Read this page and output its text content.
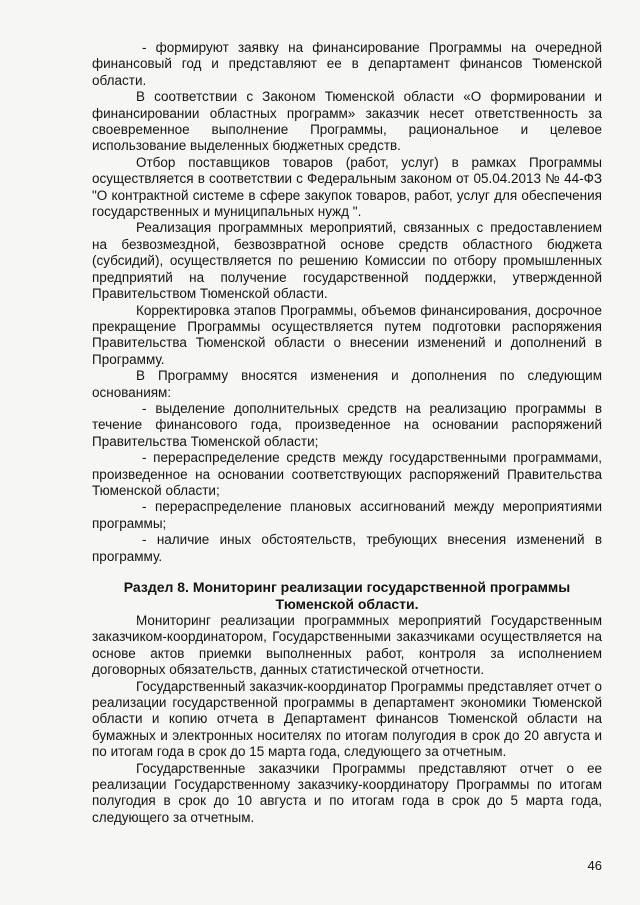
- формируют заявку на финансирование Программы на очередной финансовый год и представляют ее в департамент финансов Тюменской области.

В соответствии с Законом Тюменской области «О формировании и финансировании областных программ» заказчик несет ответственность за своевременное выполнение Программы, рациональное и целевое использование выделенных бюджетных средств.

Отбор поставщиков товаров (работ, услуг) в рамках Программы осуществляется в соответствии с Федеральным законом от 05.04.2013 № 44-ФЗ "О контрактной системе в сфере закупок товаров, работ, услуг для обеспечения государственных и муниципальных нужд ".

Реализация программных мероприятий, связанных с предоставлением на безвозмездной, безвозвратной основе средств областного бюджета (субсидий), осуществляется по решению Комиссии по отбору промышленных предприятий на получение государственной поддержки, утвержденной Правительством Тюменской области.

Корректировка этапов Программы, объемов финансирования, досрочное прекращение Программы осуществляется путем подготовки распоряжения Правительства Тюменской области о внесении изменений и дополнений в Программу.

В Программу вносятся изменения и дополнения по следующим основаниям:

- выделение дополнительных средств на реализацию программы в течение финансового года, произведенное на основании распоряжений Правительства Тюменской области;

- перераспределение средств между государственными программами, произведенное на основании соответствующих распоряжений Правительства Тюменской области;

- перераспределение плановых ассигнований между мероприятиями программы;

- наличие иных обстоятельств, требующих внесения изменений в программу.

Раздел 8. Мониторинг реализации государственной программы Тюменской области.

Мониторинг реализации программных мероприятий Государственным заказчиком-координатором, Государственными заказчиками осуществляется на основе актов приемки выполненных работ, контроля за исполнением договорных обязательств, данных статистической отчетности.

Государственный заказчик-координатор Программы представляет отчет о реализации государственной программы в департамент экономики Тюменской области и копию отчета в Департамент финансов Тюменской области на бумажных и электронных носителях по итогам полугодия в срок до 20 августа и по итогам года в срок до 15 марта года, следующего за отчетным.

Государственные заказчики Программы представляют отчет о ее реализации Государственному заказчику-координатору Программы по итогам полугодия в срок до 10 августа и по итогам года в срок до 5 марта года, следующего за отчетным.

46
